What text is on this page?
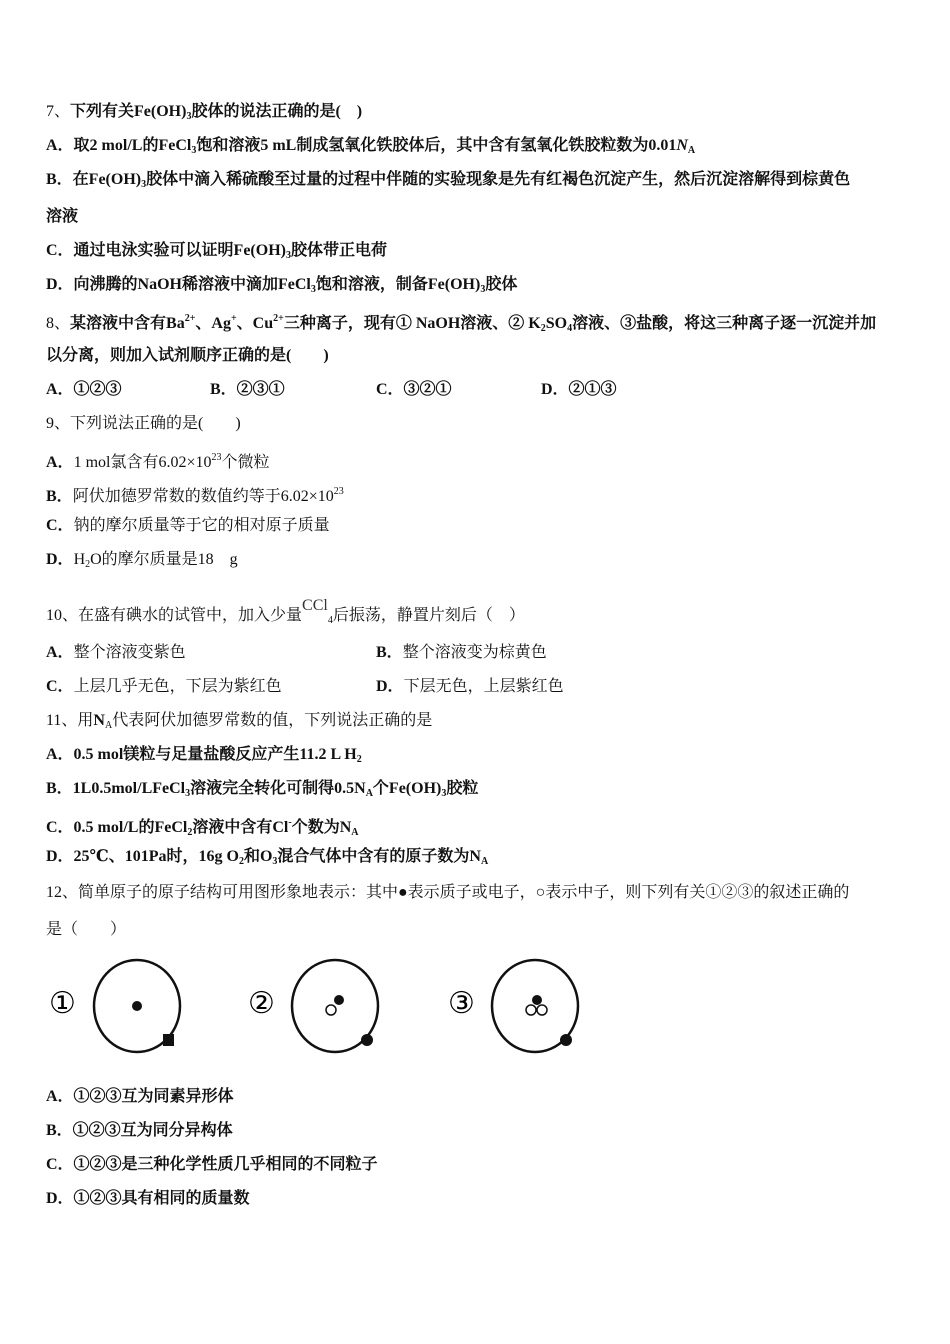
7、下列有关$Fe(OH)_3$胶体的说法正确的是(　)
A．取2 mol/L的FeCl$_3$饱和溶液5 mL制成氢氧化铁胶体后，其中含有氢氧化铁胶粒数为$0.01N_A$
B．在$Fe(OH)_3$胶体中滴入稀硫酸至过量的过程中伴随的实验现象是先有红褐色沉淀产生，然后沉淀溶解得到棕黄色
溶液
C．通过电泳实验可以证明$Fe(OH)_3$胶体带正电荷
D．向沸腾的NaOH稀溶液中滴加FeCl$_3$饱和溶液，制备$Fe(OH)_3$胶体
8、某溶液中含有$Ba^{2+}$、Ag+、$Cu^{2+}$三种离子，现有① NaOH溶液、② $K_2SO_4$溶液、③盐酸，将这三种离子逐一沉淀并加
以分离，则加入试剂顺序正确的是(　　)
A．①②③	B．②③①	C．③②①	D．②①③
9、下列说法正确的是(　　)
A．1 mol氯含有$6.02\times 10^{23}$个微粒
B．阿伏加德罗常数的数值约等于$6.02\times 10^{23}$
C．钠的摩尔质量等于它的相对原子质量
D．$H_2O$的摩尔质量是18　g
10、在盛有碘水的试管中，加入少量CCl$_4$后振荡，静置片刻后（　）
A．整个溶液变紫色	B．整个溶液变为棕黄色
C．上层几乎无色，下层为紫红色	D．下层无色，上层紫红色
11、用$N_A$代表阿伏加德罗常数的值，下列说法正确的是
A．0.5 mol镁粒与足量盐酸反应产生11.2 L $H_2$
B．1L0.5mol/LFeCl$_3$溶液完全转化可制得$0.5N_A$个$Fe(OH)_3$胶粒
C．0.5 mol/L的FeCl$_2$溶液中含有Cl-个数为$N_A$
D．25℃、101Pa时，16g $O_2$和$O_3$混合气体中含有的原子数为$N_A$
12、简单原子的原子结构可用图形象地表示：其中●表示质子或电子，○表示中子，则下列有关①②③的叙述正确的
是（　　）
A．①②③互为同素异形体
B．①②③互为同分异构体
C．①②③是三种化学性质几乎相同的不同粒子
D．①②③具有相同的质量数
①	②	③
